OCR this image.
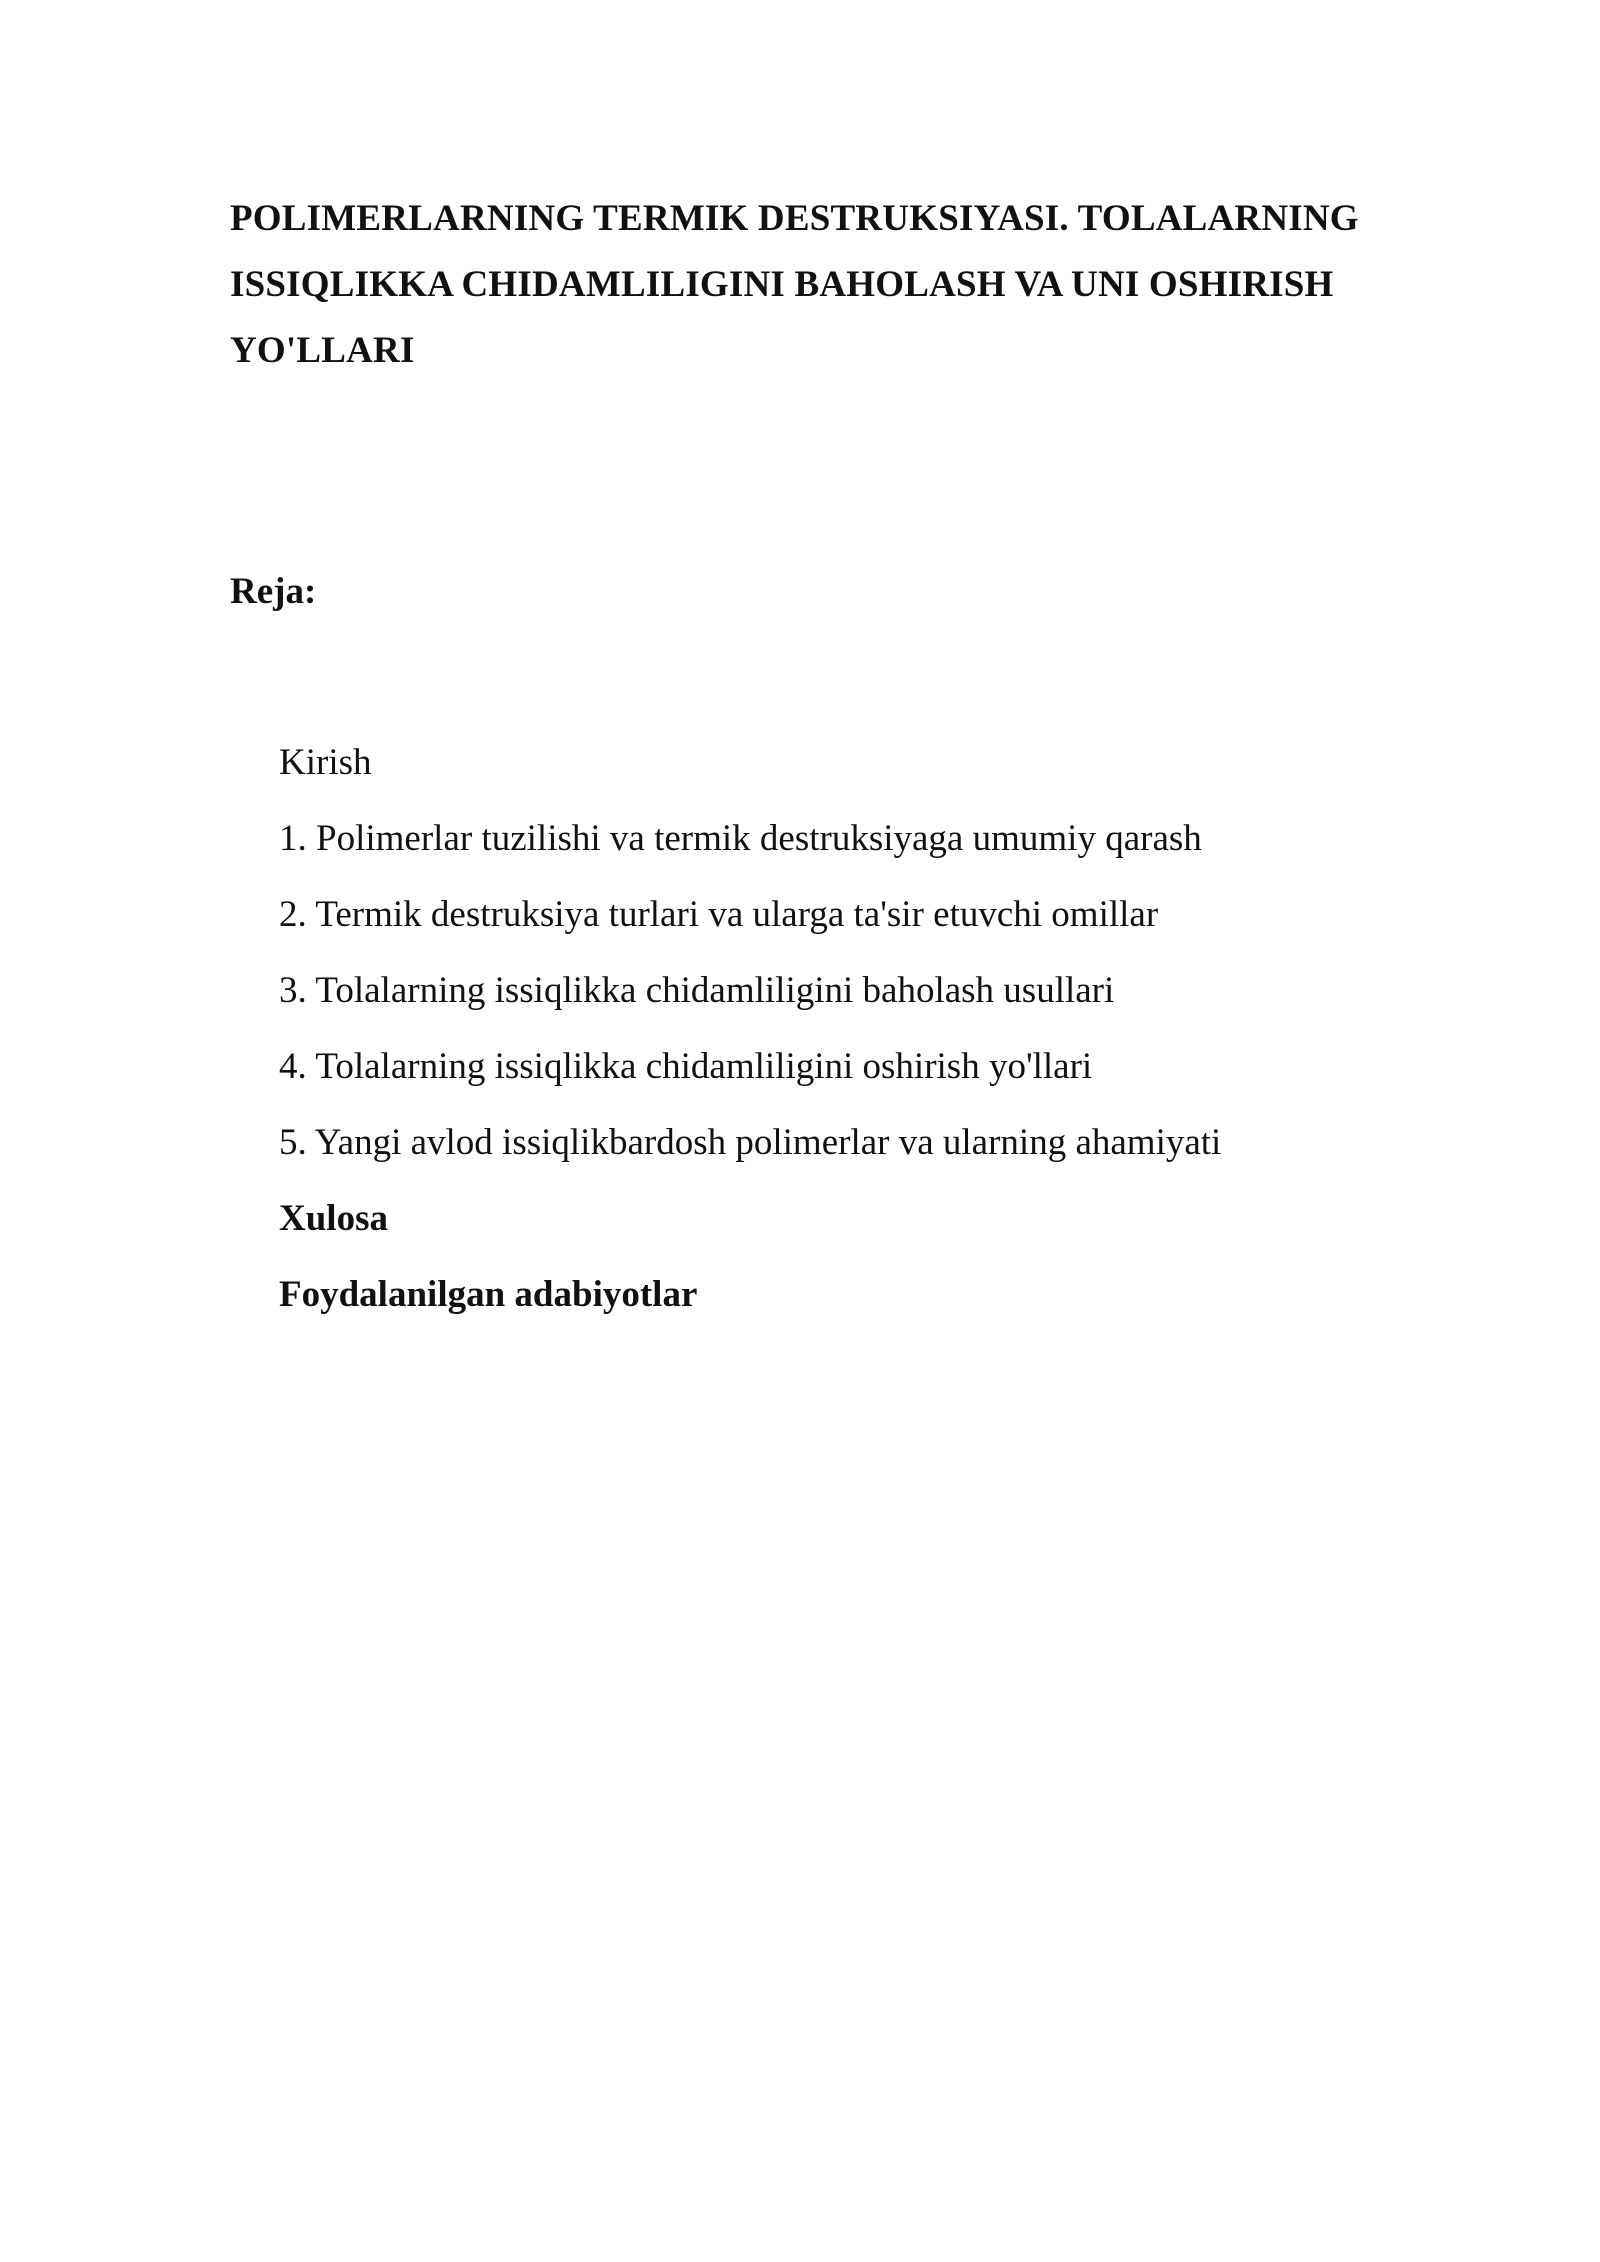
POLIMERLARNING TERMIK DESTRUKSIYASI. TOLALARNING
ISSIQLIKKA CHIDAMLILIGINI BAHOLASH VA UNI OSHIRISH
YO'LLARI

Reja:

Kirish
1. Polimerlar tuzilishi va termik destruksiyaga umumiy qarash
2. Termik destruksiya turlari va ularga ta'sir etuvchi omillar
3. Tolalarning issiqlikka chidamliligini baholash usullari
4. Tolalarning issiqlikka chidamliligini oshirish yo'llari
5. Yangi avlod issiqlikbardosh polimerlar va ularning ahamiyati
Xulosa
Foydalanilgan adabiyotlar
